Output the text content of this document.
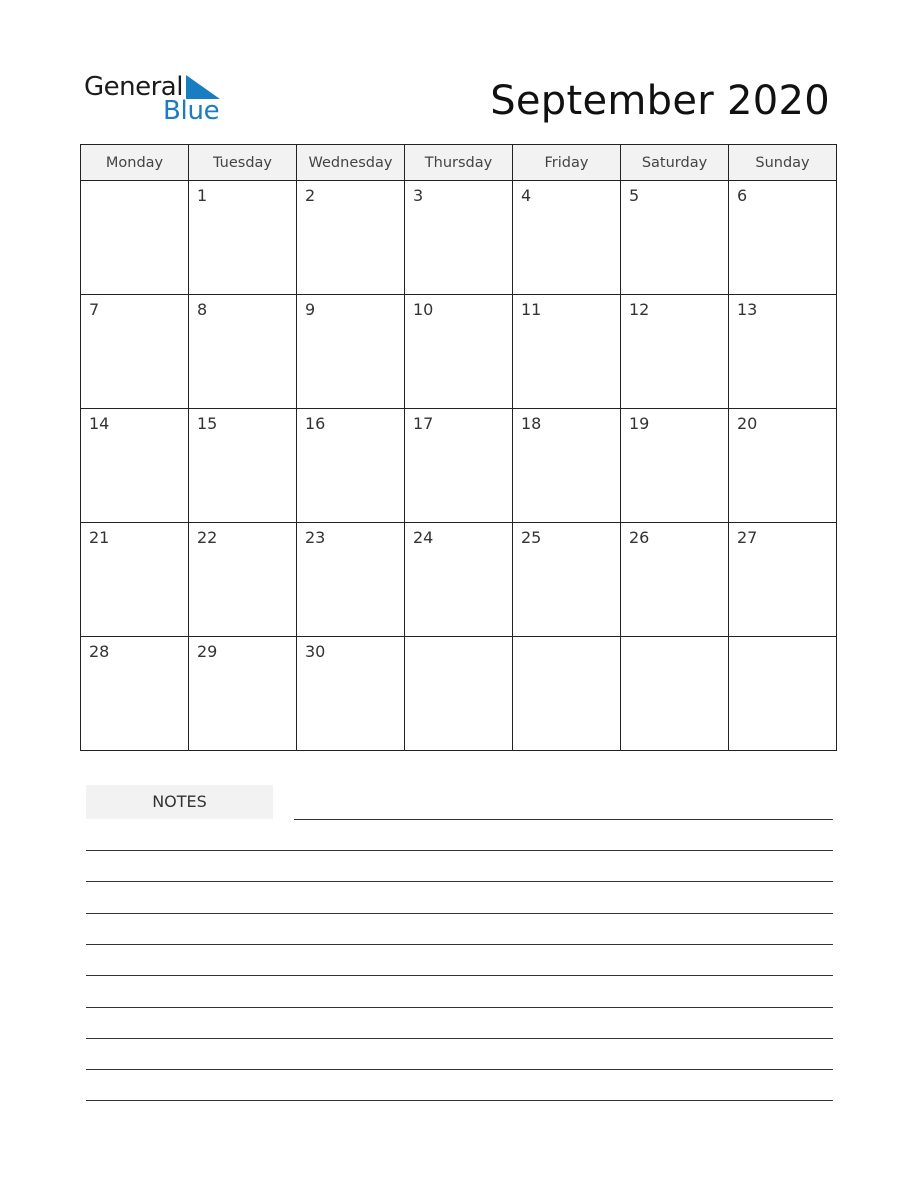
General
Blue	September 2020
Monday	Tuesday	Wednesday	Thursday	Friday	Saturday	Sunday

	1	2	3	4	5	6

7	8	9	10	11	12	13

14	15	16	17	18	19	20

21	22	23	24	25	26	27

28	29	30				

NOTES
